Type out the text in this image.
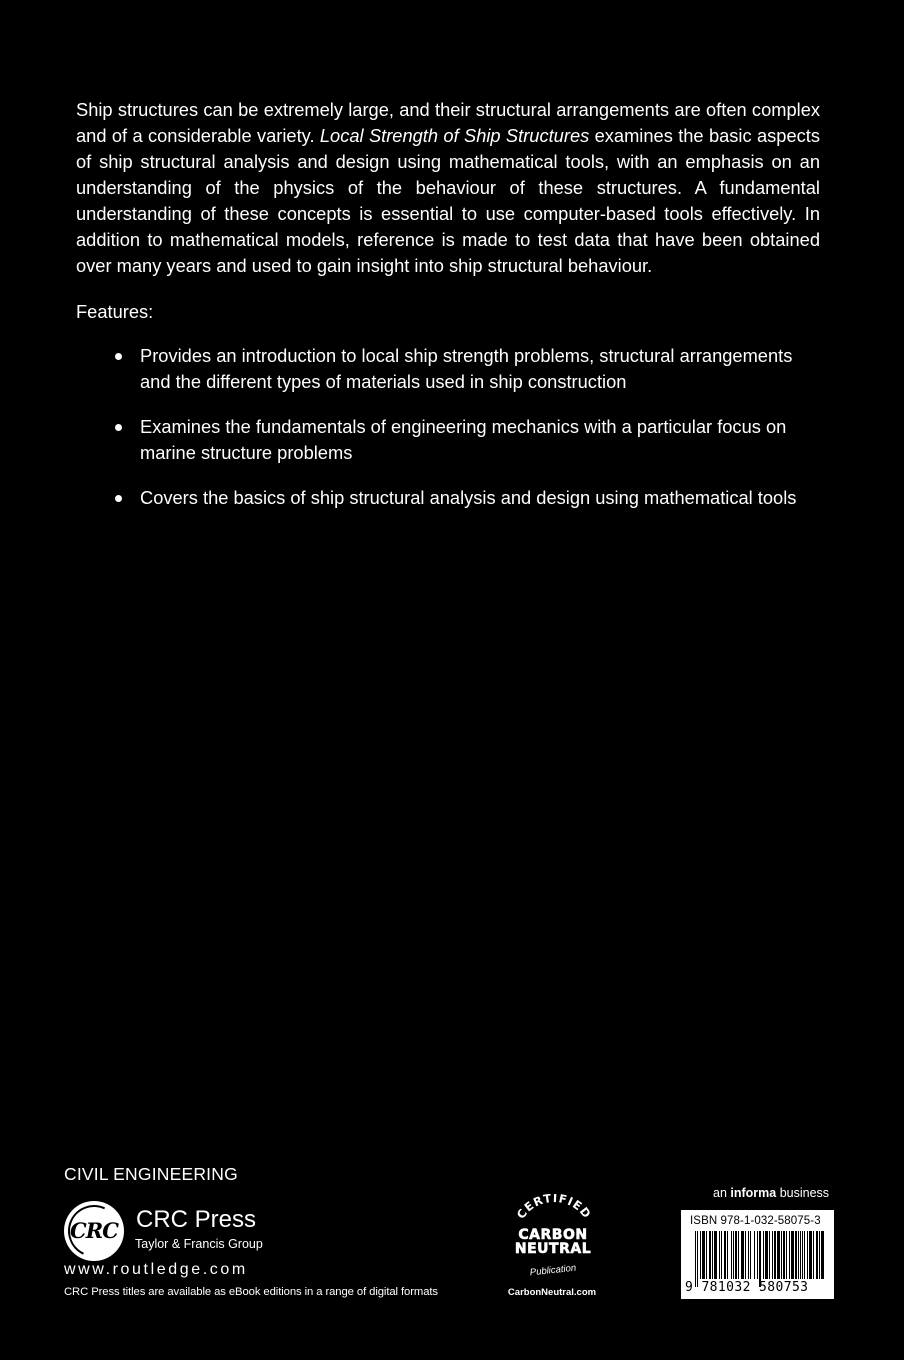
Ship structures can be extremely large, and their structural arrangements are often complex and of a considerable variety. Local Strength of Ship Structures examines the basic aspects of ship structural analysis and design using mathematical tools, with an emphasis on an understanding of the physics of the behaviour of these structures. A fundamental understanding of these concepts is essential to use computer-based tools effectively. In addition to mathematical models, reference is made to test data that have been obtained over many years and used to gain insight into ship structural behaviour.

Features:

Provides an introduction to local ship strength problems, structural arrangements and the different types of materials used in ship construction
Examines the fundamentals of engineering mechanics with a particular focus on marine structure problems
Covers the basics of ship structural analysis and design using mathematical tools
CIVIL ENGINEERING
CRC CRC Press
Taylor & Francis Group
www.routledge.com
CRC Press titles are available as eBook editions in a range of digital formats
CERTIFIED
CARBON
NEUTRAL
Publication
CarbonNeutral.com
an informa business
ISBN 978-1-032-58075-3
9 781032 580753
